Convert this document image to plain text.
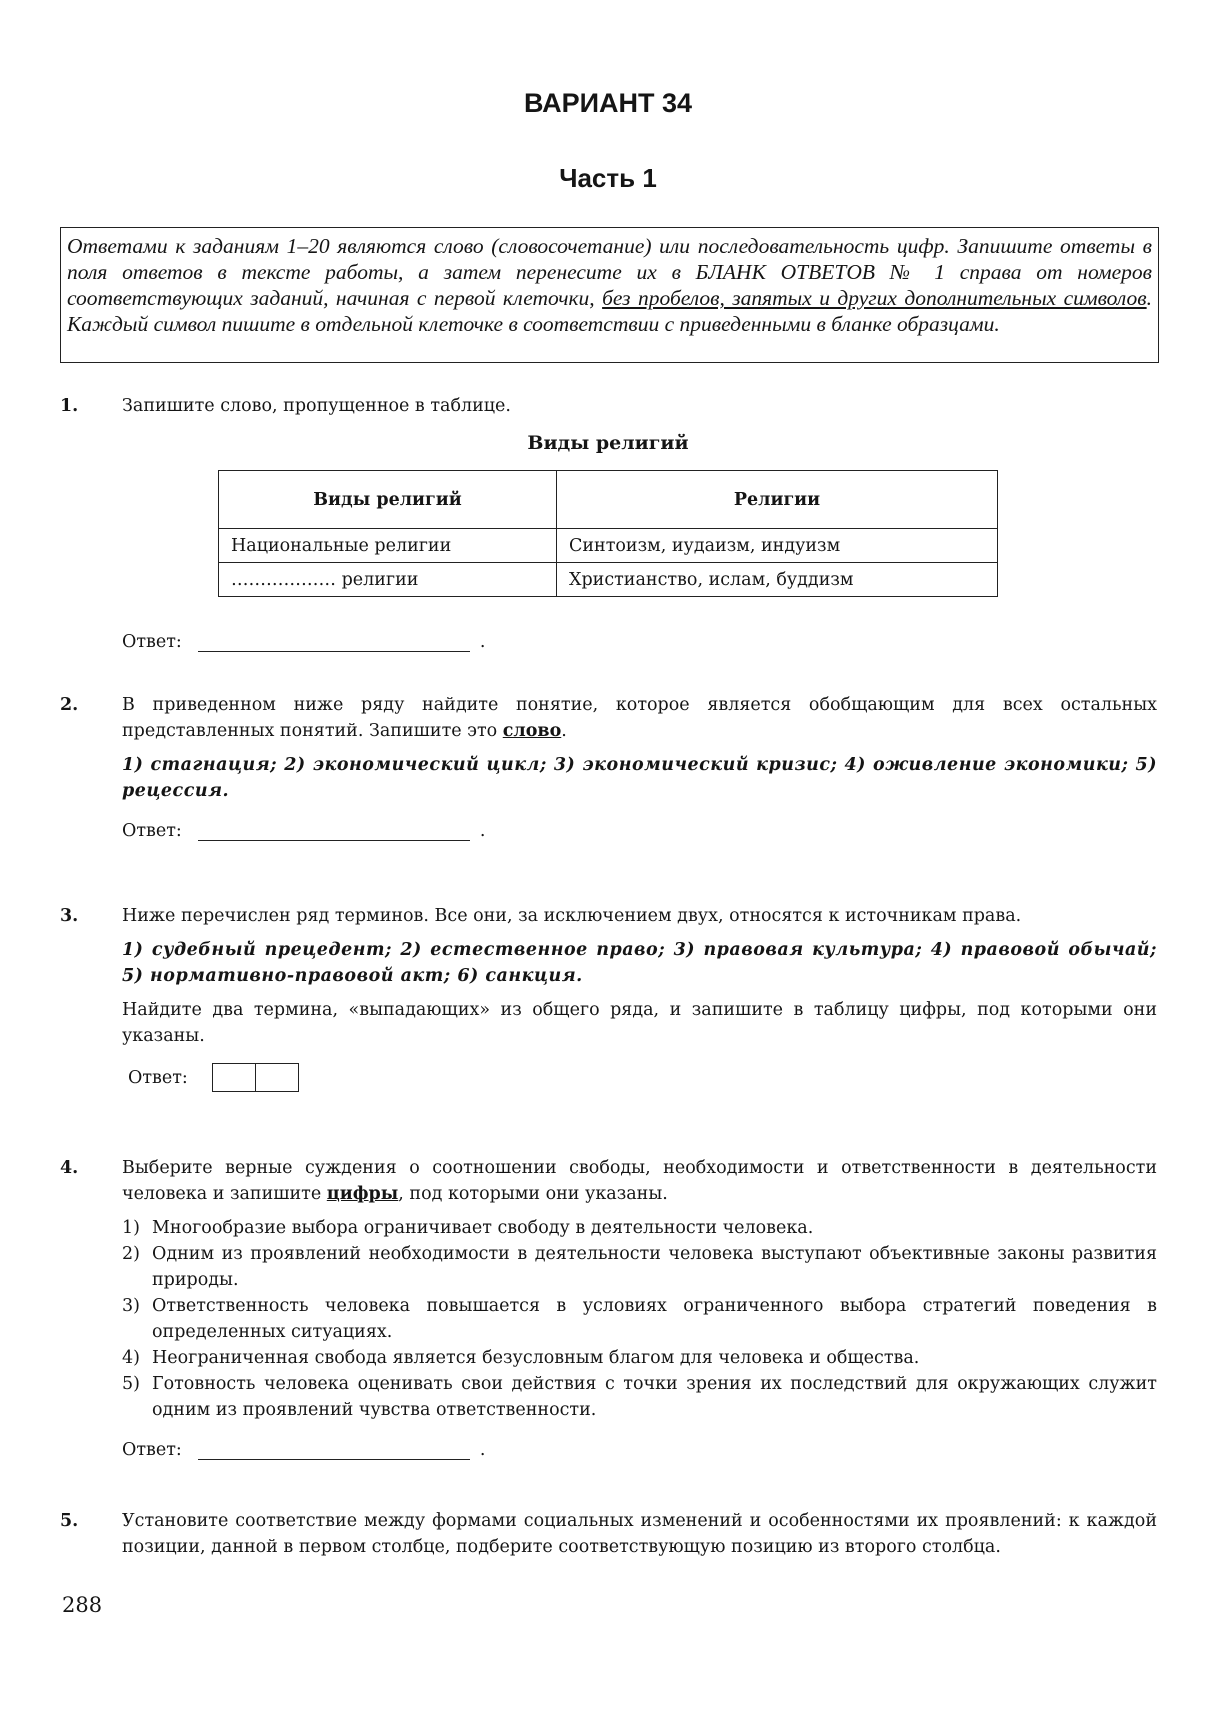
ВАРИАНТ 34
Часть 1
Ответами к заданиям 1–20 являются слово (словосочетание) или последовательность цифр. Запишите ответы в поля ответов в тексте работы, а затем перенесите их в БЛАНК ОТВЕТОВ № 1 справа от номеров соответствующих заданий, начиная с первой клеточки, без пробелов, запятых и других дополнительных символов. Каждый символ пишите в отдельной клеточке в соответствии с приведенными в бланке образцами.
1. Запишите слово, пропущенное в таблице.
Виды религий
Виды религий	Религии
Национальные религии	Синтоизм, иудаизм, индуизм
……………… религии	Христианство, ислам, буддизм
Ответ:	.
2. В приведенном ниже ряду найдите понятие, которое является обобщающим для всех остальных представленных понятий. Запишите это слово.

1) стагнация; 2) экономический цикл; 3) экономический кризис; 4) оживление экономики; 5) рецессия.

Ответ:	.
3. Ниже перечислен ряд терминов. Все они, за исключением двух, относятся к источникам права.

1) судебный прецедент; 2) естественное право; 3) правовая культура; 4) правовой обычай; 5) нормативно-правовой акт; 6) санкция.

Найдите два термина, «выпадающих» из общего ряда, и запишите в таблицу цифры, под которыми они указаны.

Ответ:
4. Выберите верные суждения о соотношении свободы, необходимости и ответственности в деятельности человека и запишите цифры, под которыми они указаны.

1) Многообразие выбора ограничивает свободу в деятельности человека.
2) Одним из проявлений необходимости в деятельности человека выступают объективные законы развития природы.
3) Ответственность человека повышается в условиях ограниченного выбора стратегий поведения в определенных ситуациях.
4) Неограниченная свобода является безусловным благом для человека и общества.
5) Готовность человека оценивать свои действия с точки зрения их последствий для окружающих служит одним из проявлений чувства ответственности.
Ответ:	.
5. Установите соответствие между формами социальных изменений и особенностями их проявлений: к каждой позиции, данной в первом столбце, подберите соответствующую позицию из второго столбца.
288
